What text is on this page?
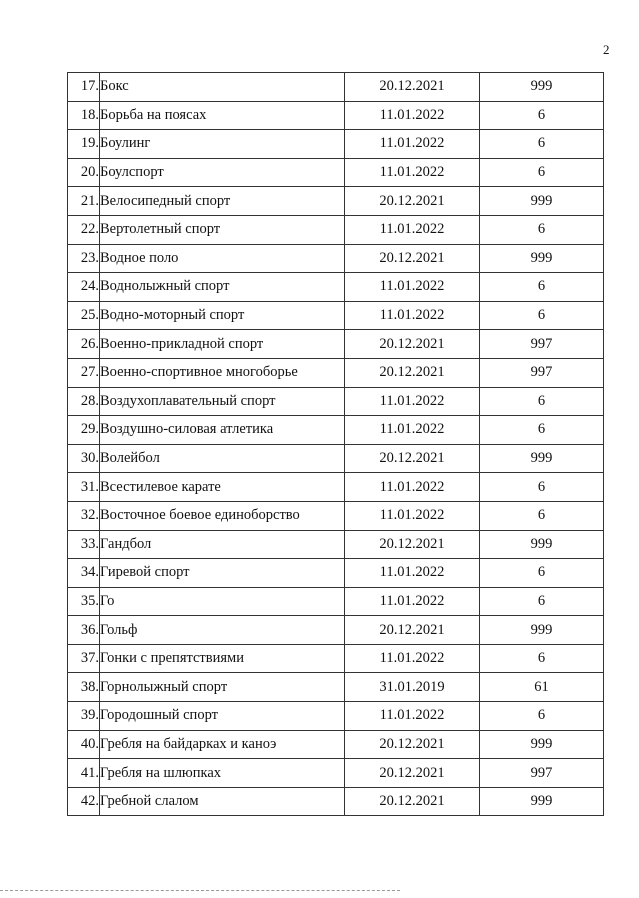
2
17.	Бокс	20.12.2021	999
18.	Борьба на поясах	11.01.2022	6
19.	Боулинг	11.01.2022	6
20.	Боулспорт	11.01.2022	6
21.	Велосипедный спорт	20.12.2021	999
22.	Вертолетный спорт	11.01.2022	6
23.	Водное поло	20.12.2021	999
24.	Воднолыжный спорт	11.01.2022	6
25.	Водно-моторный спорт	11.01.2022	6
26.	Военно-прикладной спорт	20.12.2021	997
27.	Военно-спортивное многоборье	20.12.2021	997
28.	Воздухоплавательный спорт	11.01.2022	6
29.	Воздушно-силовая атлетика	11.01.2022	6
30.	Волейбол	20.12.2021	999
31.	Всестилевое карате	11.01.2022	6
32.	Восточное боевое единоборство	11.01.2022	6
33.	Гандбол	20.12.2021	999
34.	Гиревой спорт	11.01.2022	6
35.	Го	11.01.2022	6
36.	Гольф	20.12.2021	999
37.	Гонки с препятствиями	11.01.2022	6
38.	Горнолыжный спорт	31.01.2019	61
39.	Городошный спорт	11.01.2022	6
40.	Гребля на байдарках и каноэ	20.12.2021	999
41.	Гребля на шлюпках	20.12.2021	997
42.	Гребной слалом	20.12.2021	999
